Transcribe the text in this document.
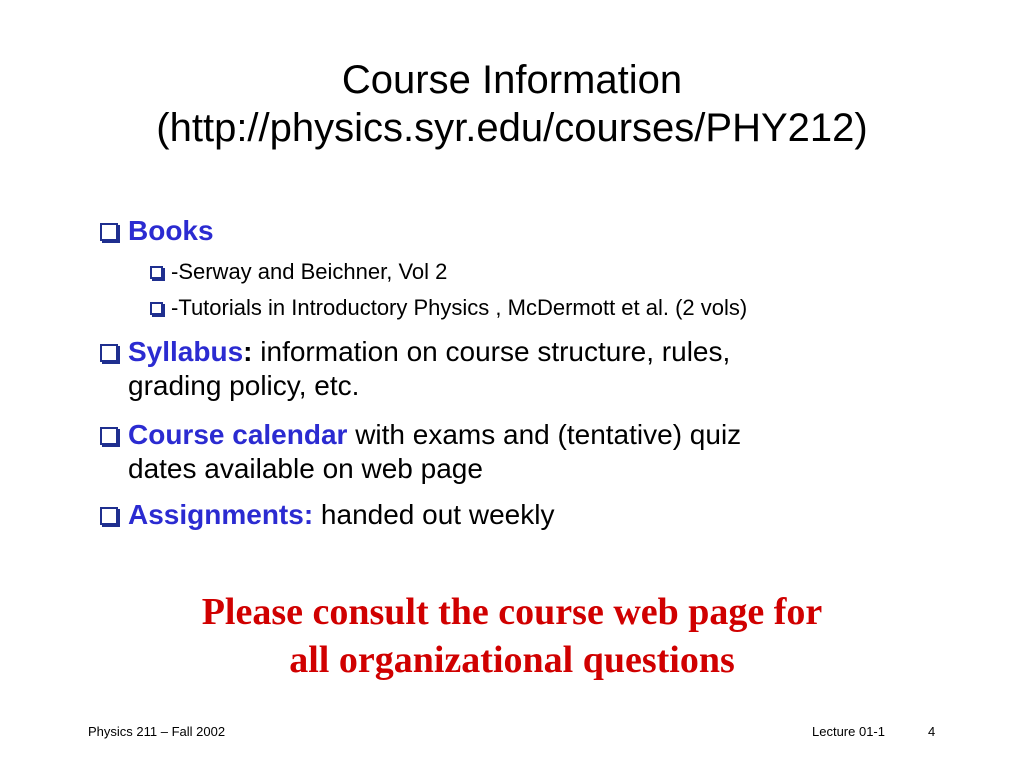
Course Information
(http://physics.syr.edu/courses/PHY212)
Books
-Serway and Beichner, Vol 2
-Tutorials in Introductory Physics , McDermott et al. (2 vols)
Syllabus: information on course structure, rules,
grading policy, etc.
Course calendar with exams and (tentative) quiz
dates available on web page
Assignments: handed out weekly
Please consult the course web page for
all organizational questions
Physics 211 – Fall 2002	Lecture 01-1	4
